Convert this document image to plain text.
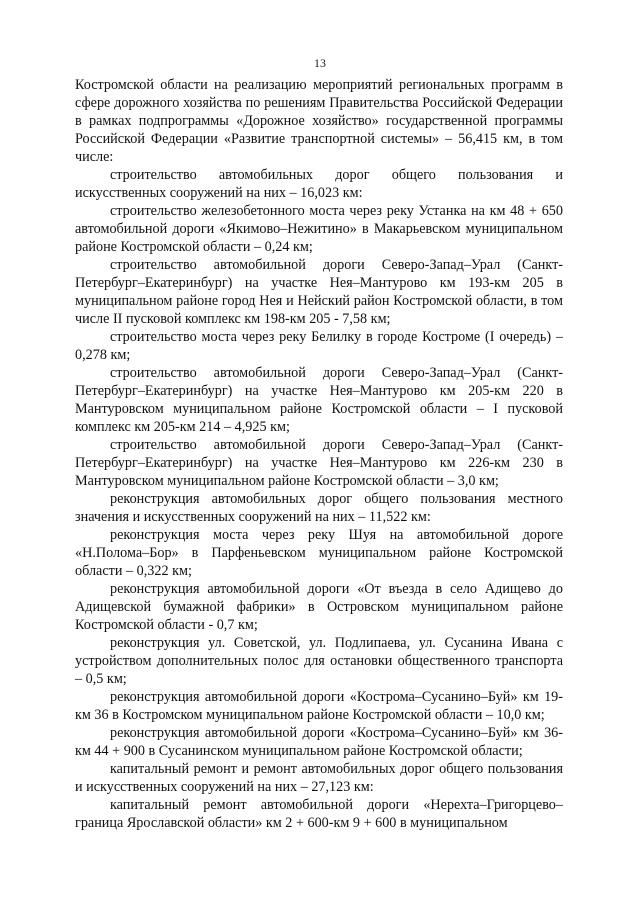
13

Костромской области на реализацию мероприятий региональных программ в сфере дорожного хозяйства по решениям Правительства Российской Федерации в рамках подпрограммы «Дорожное хозяйство» государственной программы Российской Федерации «Развитие транспортной системы» – 56,415 км, в том числе:

строительство автомобильных дорог общего пользования и искусственных сооружений на них – 16,023 км:

строительство железобетонного моста через реку Устанка на км 48 + 650 автомобильной дороги «Якимово–Нежитино» в Макарьевском муниципальном районе Костромской области – 0,24 км;

строительство автомобильной дороги Северо-Запад–Урал (Санкт-Петербург–Екатеринбург) на участке Нея–Мантурово км 193-км 205 в муниципальном районе город Нея и Нейский район Костромской области, в том числе II пусковой комплекс км 198-км 205 - 7,58 км;

строительство моста через реку Белилку в городе Костроме (I очередь) – 0,278 км;

строительство автомобильной дороги Северо-Запад–Урал (Санкт-Петербург–Екатеринбург) на участке Нея–Мантурово км 205-км 220 в Мантуровском муниципальном районе Костромской области – I пусковой комплекс км 205-км 214 – 4,925 км;

строительство автомобильной дороги Северо-Запад–Урал (Санкт-Петербург–Екатеринбург) на участке Нея–Мантурово км 226-км 230 в Мантуровском муниципальном районе Костромской области – 3,0 км;

реконструкция автомобильных дорог общего пользования местного значения и искусственных сооружений на них – 11,522 км:

реконструкция моста через реку Шуя на автомобильной дороге «Н.Полома–Бор» в Парфеньевском муниципальном районе Костромской области – 0,322 км;

реконструкция автомобильной дороги «От въезда в село Адищево до Адищевской бумажной фабрики» в Островском муниципальном районе Костромской области - 0,7 км;

реконструкция ул. Советской, ул. Подлипаева, ул. Сусанина Ивана с устройством дополнительных полос для остановки общественного транспорта – 0,5 км;

реконструкция автомобильной дороги «Кострома–Сусанино–Буй» км 19-км 36 в Костромском муниципальном районе Костромской области – 10,0 км;

реконструкция автомобильной дороги «Кострома–Сусанино–Буй» км 36-км 44 + 900 в Сусанинском муниципальном районе Костромской области;

капитальный ремонт и ремонт автомобильных дорог общего пользования и искусственных сооружений на них – 27,123 км:

капитальный ремонт автомобильной дороги «Нерехта–Григорцево–граница Ярославской области» км 2 + 600-км 9 + 600 в муниципальном
